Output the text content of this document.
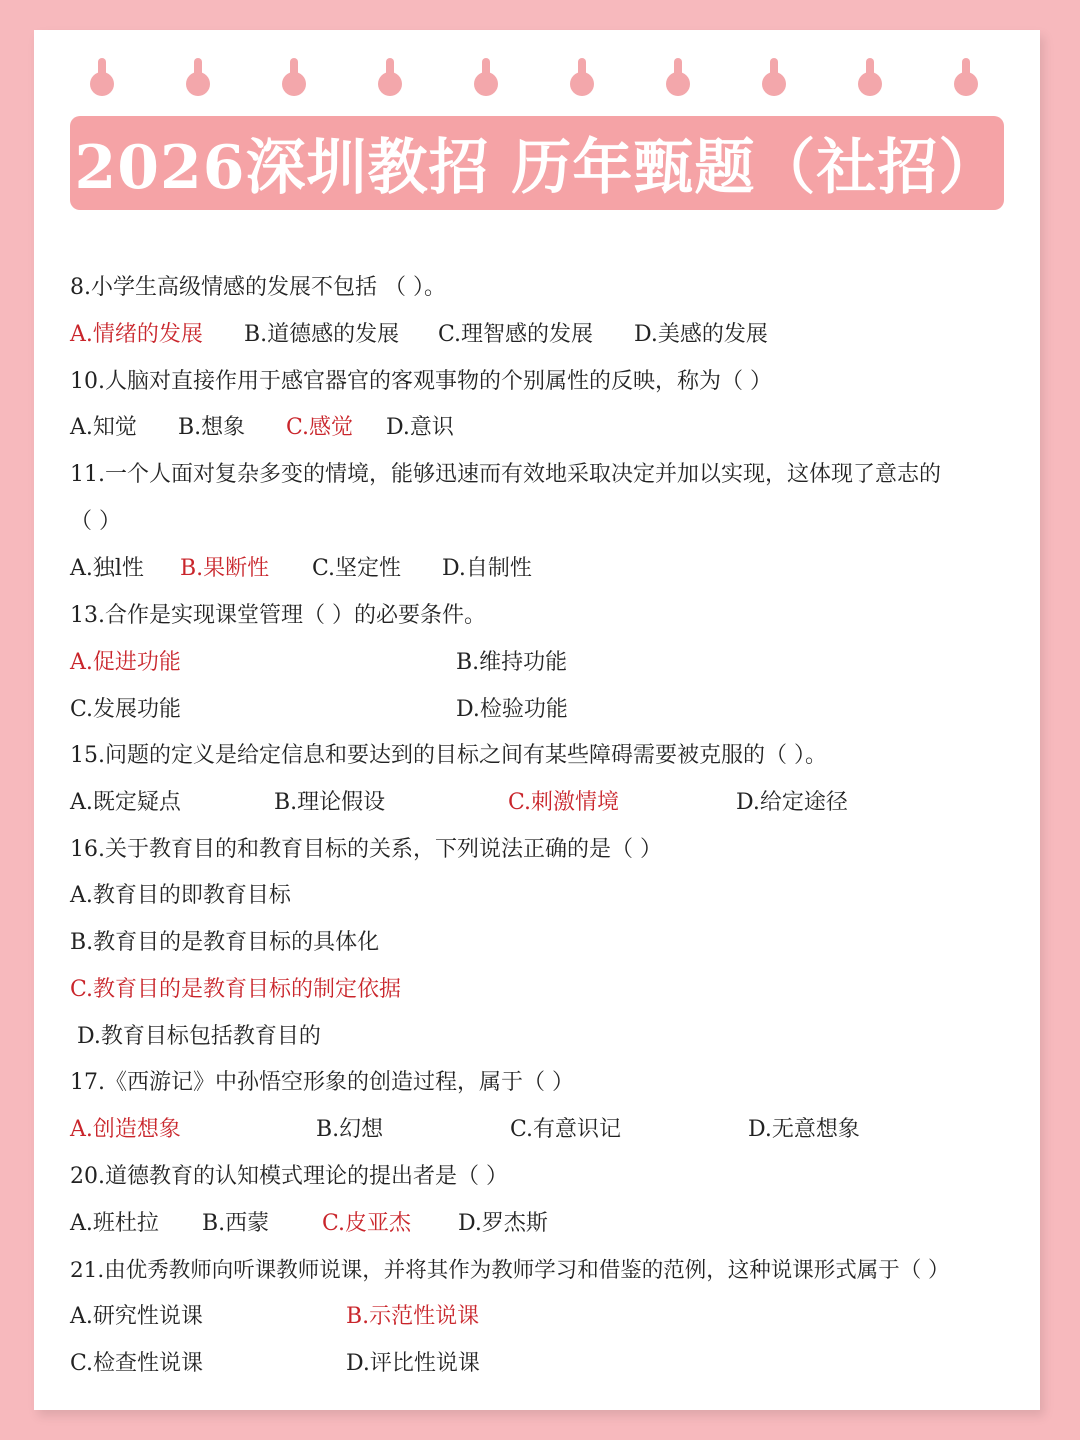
2026深圳教招 历年甄题（社招）
8.小学生高级情感的发展不包括 （ ）。
A.情绪的发展 B.道德感的发展 C.理智感的发展 D.美感的发展
10.人脑对直接作用于感官器官的客观事物的个别属性的反映，称为（ ）
A.知觉 B.想象 C.感觉 D.意识
11.一个人面对复杂多变的情境，能够迅速而有效地采取决定并加以实现，这体现了意志的
（ ）
A.独l性 B.果断性 C.坚定性 D.自制性
13.合作是实现课堂管理（ ）的必要条件。
A.促进功能	B.维持功能
C.发展功能	D.检验功能
15.问题的定义是给定信息和要达到的目标之间有某些障碍需要被克服的（ ）。
A.既定疑点	B.理论假设	C.刺激情境	D.给定途径
16.关于教育目的和教育目标的关系，下列说法正确的是（ ）
A.教育目的即教育目标
B.教育目的是教育目标的具体化
C.教育目的是教育目标的制定依据
D.教育目标包括教育目的
17.《西游记》中孙悟空形象的创造过程，属于（ ）
A.创造想象	B.幻想	C.有意识记	D.无意想象
20.道德教育的认知模式理论的提出者是（ ）
A.班杜拉 B.西蒙 C.皮亚杰 D.罗杰斯
21.由优秀教师向听课教师说课，并将其作为教师学习和借鉴的范例，这种说课形式属于（ ）
A.研究性说课	B.示范性说课
C.检查性说课	D.评比性说课
